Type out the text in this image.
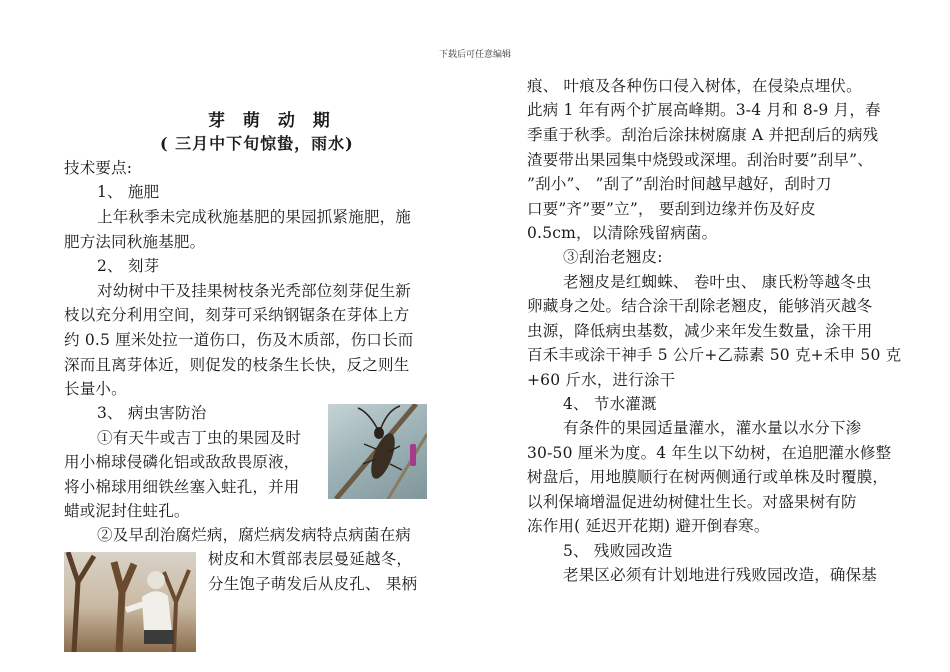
下载后可任意编辑
芽 萌 动 期
( 三月中下旬惊蛰，雨水)
技术要点:
1、 施肥
上年秋季未完成秋施基肥的果园抓紧施肥，施
肥方法同秋施基肥。
2、 刻芽
对幼树中干及挂果树枝条光秃部位刻芽促生新
枝以充分利用空间，刻芽可采纳钢锯条在芽体上方
约 0.5 厘米处拉一道伤口，伤及木质部，伤口长而
深而且离芽体近，则促发的枝条生长快，反之则生
长量小。
3、 病虫害防治
①有天牛或吉丁虫的果园及时
用小棉球侵磷化铝或敌敌畏原液，
将小棉球用细铁丝塞入蛀孔，并用
蜡或泥封住蛀孔。
②及早刮治腐烂病，腐烂病发病特点病菌在病
树皮和木質部表层曼延越冬，
分生饱子萌发后从皮孔、 果柄
痕、 叶痕及各种伤口侵入树体，在侵染点埋伏。
此病 1 年有两个扩展高峰期。3-4 月和 8-9 月，春
季重于秋季。刮治后涂抹树腐康 A 并把刮后的病残
渣要带出果园集中烧毁或深埋。刮治时要”刮早”、
”刮小”、 ”刮了”刮治时间越早越好，刮时刀
口要”齐”要”立”， 要刮到边缘并伤及好皮
0.5cm，以清除残留病菌。
③刮治老翘皮:
老翘皮是红蜘蛛、 卷叶虫、 康氏粉等越冬虫
卵藏身之处。结合涂干刮除老翘皮，能够消灭越冬
虫源，降低病虫基数，减少来年发生数量，涂干用
百禾丰或涂干神手 5 公斤+乙蒜素 50 克+禾申 50 克
+60 斤水，进行涂干
4、 节水灌溉
有条件的果园适量灌水，灌水量以水分下渗
30-50 厘米为度。4 年生以下幼树，在追肥灌水修整
树盘后，用地膜顺行在树两侧通行或单株及时覆膜，
以利保墒增温促进幼树健壮生长。对盛果树有防
冻作用( 延迟开花期) 避开倒春寒。
5、 残败园改造
老果区必须有计划地进行残败园改造，确保基
